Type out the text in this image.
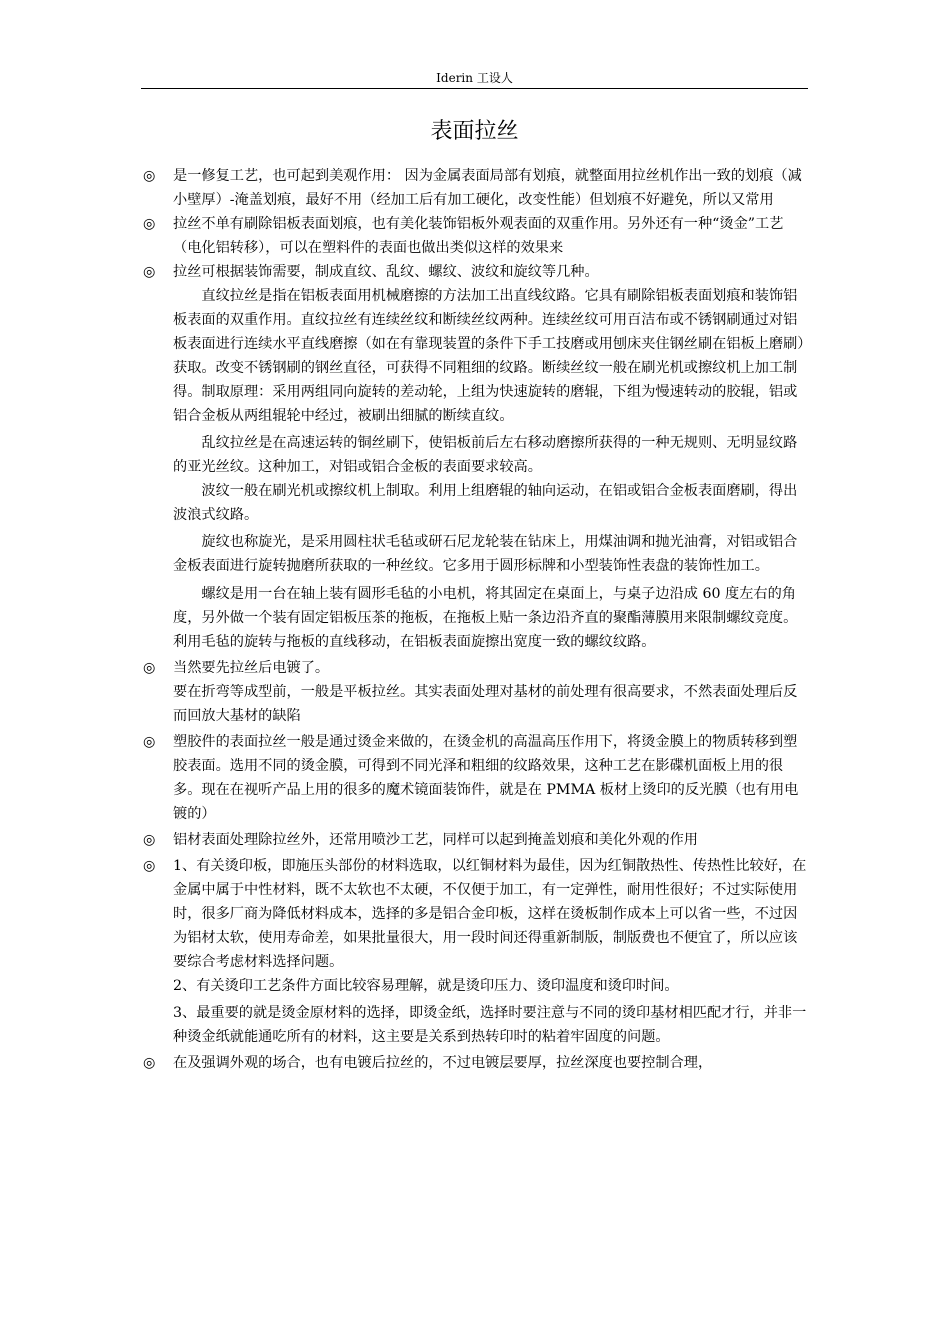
Iderin 工设人
表面拉丝

◎	是一修复工艺，也可起到美观作用： 因为金属表面局部有划痕，就整面用拉丝机作出一致的划痕（减小壁厚）-淹盖划痕，最好不用（经加工后有加工硬化，改变性能）但划痕不好避免，所以又常用

◎	拉丝不单有刷除铝板表面划痕，也有美化装饰铝板外观表面的双重作用。另外还有一种“烫金”工艺（电化铝转移），可以在塑料件的表面也做出类似这样的效果来

◎	拉丝可根据装饰需要，制成直纹、乱纹、螺纹、波纹和旋纹等几种。

直纹拉丝是指在铝板表面用机械磨擦的方法加工出直线纹路。它具有刷除铝板表面划痕和装饰铝板表面的双重作用。直纹拉丝有连续丝纹和断续丝纹两种。连续丝纹可用百洁布或不锈钢刷通过对铝板表面进行连续水平直线磨擦（如在有靠现装置的条件下手工技磨或用刨床夹住钢丝刷在铝板上磨刷）获取。改变不锈钢刷的钢丝直径，可获得不同粗细的纹路。断续丝纹一般在刷光机或擦纹机上加工制得。制取原理：采用两组同向旋转的差动轮，上组为快速旋转的磨辊，下组为慢速转动的胶辊，铝或铝合金板从两组辊轮中经过，被刷出细腻的断续直纹。

乱纹拉丝是在高速运转的铜丝刷下，使铝板前后左右移动磨擦所获得的一种无规则、无明显纹路的亚光丝纹。这种加工，对铝或铝合金板的表面要求较高。

波纹一般在刷光机或擦纹机上制取。利用上组磨辊的轴向运动，在铝或铝合金板表面磨刷，得出波浪式纹路。

旋纹也称旋光，是采用圆柱状毛毡或研石尼龙轮装在钻床上，用煤油调和抛光油膏，对铝或铝合金板表面进行旋转抛磨所获取的一种丝纹。它多用于圆形标牌和小型装饰性表盘的装饰性加工。

螺纹是用一台在轴上装有圆形毛毡的小电机，将其固定在桌面上，与桌子边沿成 60 度左右的角度，另外做一个装有固定铝板压茶的拖板，在拖板上贴一条边沿齐直的聚酯薄膜用来限制螺纹竞度。利用毛毡的旋转与拖板的直线移动，在铝板表面旋擦出宽度一致的螺纹纹路。

◎	当然要先拉丝后电镀了。

要在折弯等成型前，一般是平板拉丝。其实表面处理对基材的前处理有很高要求，不然表面处理后反而回放大基材的缺陷

◎	塑胶件的表面拉丝一般是通过烫金来做的，在烫金机的高温高压作用下，将烫金膜上的物质转移到塑胶表面。选用不同的烫金膜，可得到不同光泽和粗细的纹路效果，这种工艺在影碟机面板上用的很多。现在在视听产品上用的很多的魔术镜面装饰件，就是在 PMMA 板材上烫印的反光膜（也有用电镀的）

◎	铝材表面处理除拉丝外，还常用喷沙工艺，同样可以起到掩盖划痕和美化外观的作用

◎	1、有关烫印板，即施压头部份的材料选取，以红铜材料为最佳，因为红铜散热性、传热性比较好，在金属中属于中性材料，既不太软也不太硬，不仅便于加工，有一定弹性，耐用性很好；不过实际使用时，很多厂商为降低材料成本，选择的多是铝合金印板，这样在烫板制作成本上可以省一些，不过因为铝材太软，使用寿命差，如果批量很大，用一段时间还得重新制版，制版费也不便宜了，所以应该要综合考虑材料选择问题。

2、有关烫印工艺条件方面比较容易理解，就是烫印压力、烫印温度和烫印时间。

3、最重要的就是烫金原材料的选择，即烫金纸，选择时要注意与不同的烫印基材相匹配才行，并非一种烫金纸就能通吃所有的材料，这主要是关系到热转印时的粘着牢固度的问题。

◎	在及强调外观的场合，也有电镀后拉丝的，不过电镀层要厚，拉丝深度也要控制合理，
